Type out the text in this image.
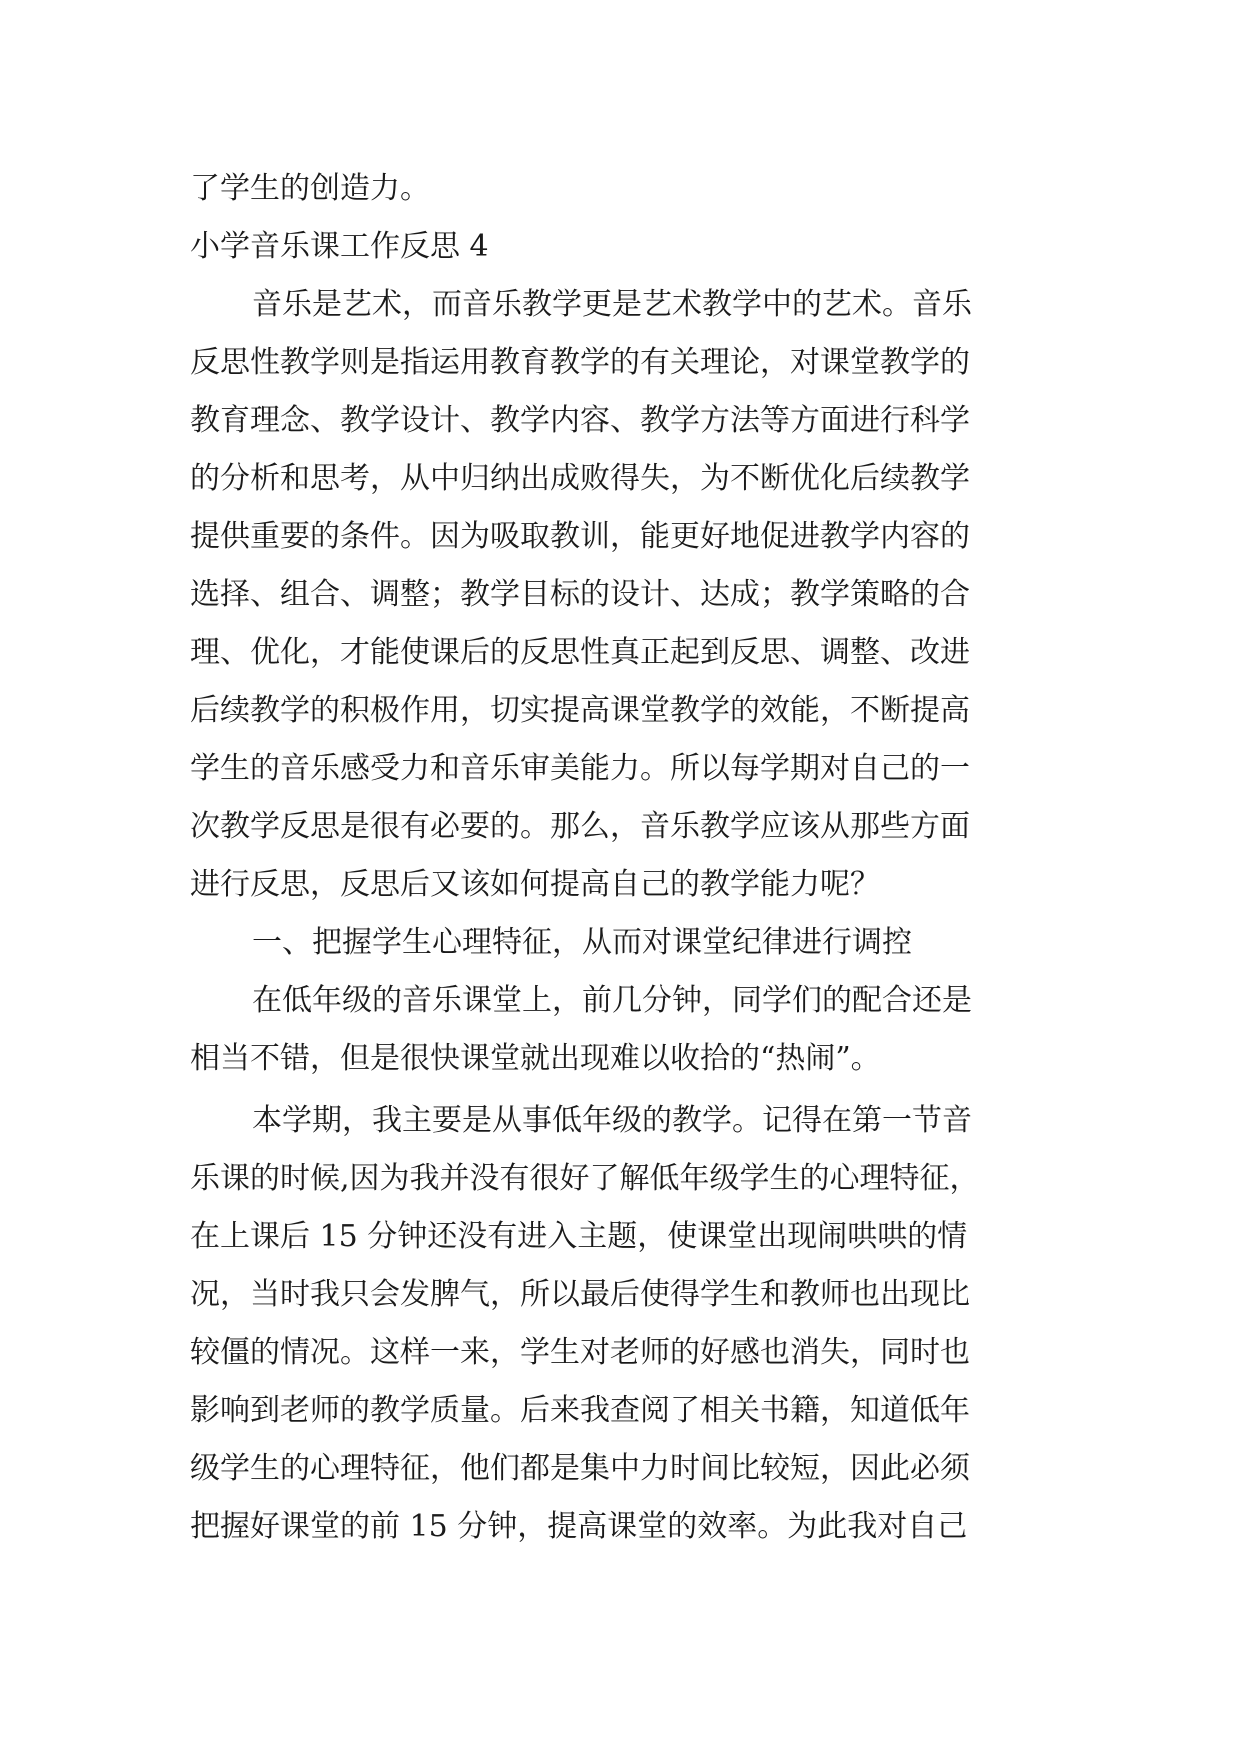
了学生的创造力。
小学音乐课工作反思 4
音乐是艺术，而音乐教学更是艺术教学中的艺术。音乐
反思性教学则是指运用教育教学的有关理论，对课堂教学的
教育理念、教学设计、教学内容、教学方法等方面进行科学
的分析和思考，从中归纳出成败得失，为不断优化后续教学
提供重要的条件。因为吸取教训，能更好地促进教学内容的
选择、组合、调整；教学目标的设计、达成；教学策略的合
理、优化，才能使课后的反思性真正起到反思、调整、改进
后续教学的积极作用，切实提高课堂教学的效能，不断提高
学生的音乐感受力和音乐审美能力。所以每学期对自己的一
次教学反思是很有必要的。那么，音乐教学应该从那些方面
进行反思，反思后又该如何提高自己的教学能力呢？
一、把握学生心理特征，从而对课堂纪律进行调控
在低年级的音乐课堂上，前几分钟，同学们的配合还是
相当不错，但是很快课堂就出现难以收拾的“热闹”。
本学期，我主要是从事低年级的教学。记得在第一节音
乐课的时候,因为我并没有很好了解低年级学生的心理特征，
在上课后 15 分钟还没有进入主题，使课堂出现闹哄哄的情
况，当时我只会发脾气，所以最后使得学生和教师也出现比
较僵的情况。这样一来，学生对老师的好感也消失，同时也
影响到老师的教学质量。后来我查阅了相关书籍，知道低年
级学生的心理特征，他们都是集中力时间比较短，因此必须
把握好课堂的前 15 分钟，提高课堂的效率。为此我对自己
